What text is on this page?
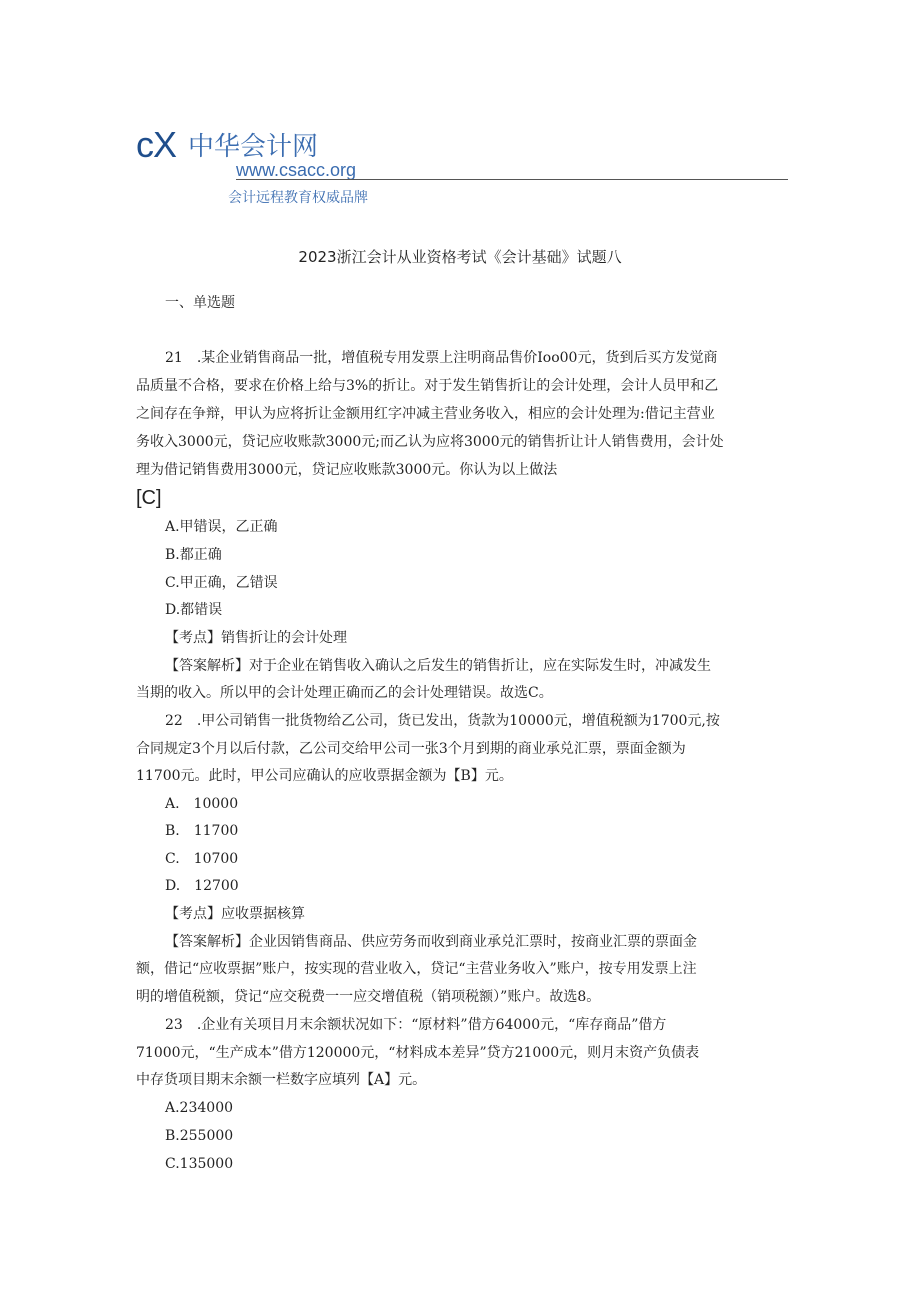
cX 中华会计网
www.csacc.org
会计远程教育权威品牌
2023浙江会计从业资格考试《会计基础》试题八
一、单选题
21　.某企业销售商品一批，增值税专用发票上注明商品售价Ioo00元，货到后买方发觉商
品质量不合格，要求在价格上给与3%的折让。对于发生销售折让的会计处理，会计人员甲和乙
之间存在争辩，甲认为应将折让金额用红字冲减主营业务收入，相应的会计处理为:借记主营业
务收入3000元，贷记应收账款3000元;而乙认为应将3000元的销售折让计人销售费用，会计处
理为借记销售费用3000元，贷记应收账款3000元。你认为以上做法
[C]
A.甲错误，乙正确
B.都正确
C.甲正确，乙错误
D.都错误
【考点】销售折让的会计处理
【答案解析】对于企业在销售收入确认之后发生的销售折让，应在实际发生时，冲减发生
当期的收入。所以甲的会计处理正确而乙的会计处理错误。故选C。
22　.甲公司销售一批货物给乙公司，货已发出，货款为10000元，增值税额为1700元,按
合同规定3个月以后付款，乙公司交给甲公司一张3个月到期的商业承兑汇票，票面金额为
11700元。此时，甲公司应确认的应收票据金额为【B】元。
A.　10000
B.　11700
C.　10700
D.　12700
【考点】应收票据核算
【答案解析】企业因销售商品、供应劳务而收到商业承兑汇票时，按商业汇票的票面金
额，借记“应收票据”账户，按实现的营业收入，贷记“主营业务收入”账户，按专用发票上注
明的增值税额，贷记“应交税费一一应交增值税（销项税额）”账户。故选8。
23　.企业有关项目月末余额状况如下：“原材料”借方64000元，“库存商品”借方
71000元，“生产成本”借方120000元，“材料成本差异”贷方21000元，则月末资产负债表
中存货项目期末余额一栏数字应填列【A】元。
A.234000
B.255000
C.135000
